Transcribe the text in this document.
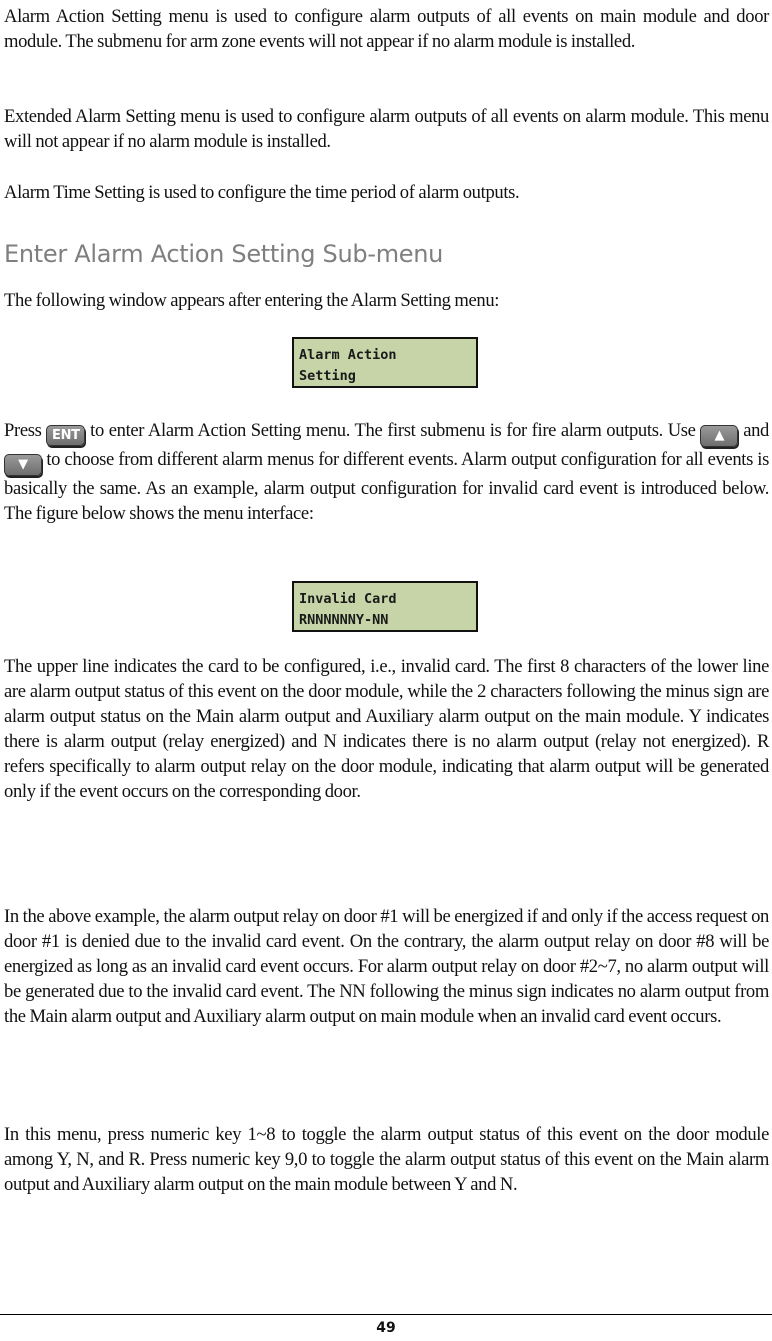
Alarm Action Setting menu is used to configure alarm outputs of all events on main module and door module. The submenu for arm zone events will not appear if no alarm module is installed.

Extended Alarm Setting menu is used to configure alarm outputs of all events on alarm module. This menu will not appear if no alarm module is installed.

Alarm Time Setting is used to configure the time period of alarm outputs.

Enter Alarm Action Setting Sub-menu

The following window appears after entering the Alarm Setting menu:

Press ENT to enter Alarm Action Setting menu. The first submenu is for fire alarm outputs. Use ▲ and ▼ to choose from different alarm menus for different events. Alarm output configuration for all events is basically the same. As an example, alarm output configuration for invalid card event is introduced below. The figure below shows the menu interface:

The upper line indicates the card to be configured, i.e., invalid card. The first 8 characters of the lower line are alarm output status of this event on the door module, while the 2 characters following the minus sign are alarm output status on the Main alarm output and Auxiliary alarm output on the main module. Y indicates there is alarm output (relay energized) and N indicates there is no alarm output (relay not energized). R refers specifically to alarm output relay on the door module, indicating that alarm output will be generated only if the event occurs on the corresponding door.

In the above example, the alarm output relay on door #1 will be energized if and only if the access request on door #1 is denied due to the invalid card event. On the contrary, the alarm output relay on door #8 will be energized as long as an invalid card event occurs. For alarm output relay on door #2~7, no alarm output will be generated due to the invalid card event. The NN following the minus sign indicates no alarm output from the Main alarm output and Auxiliary alarm output on main module when an invalid card event occurs.

In this menu, press numeric key 1~8 to toggle the alarm output status of this event on the door module among Y, N, and R. Press numeric key 9,0 to toggle the alarm output status of this event on the Main alarm output and Auxiliary alarm output on the main module between Y and N.

Alarm Action
Setting
Invalid Card
RNNNNNNY-NN
49
